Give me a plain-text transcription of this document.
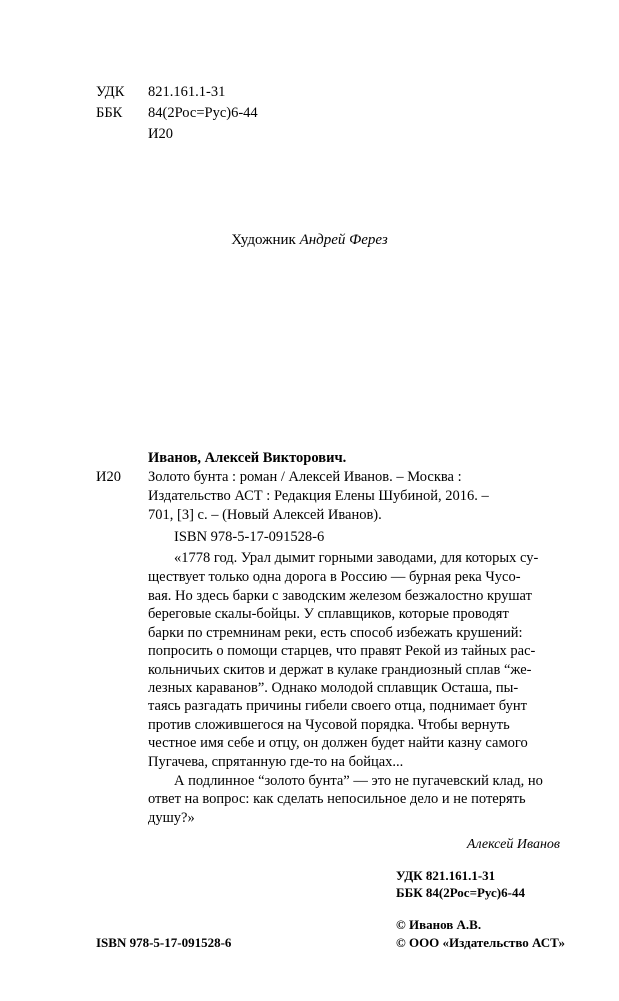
УДК 821.161.1-31
ББК 84(2Рос=Рус)6-44
И20
Художник Андрей Ферез
Иванов, Алексей Викторович.
И20 Золото бунта : роман / Алексей Иванов. – Москва :
Издательство АСТ : Редакция Елены Шубиной, 2016. –
701, [3] с. – (Новый Алексей Иванов).
ISBN 978-5-17-091528-6
«1778 год. Урал дымит горными заводами, для которых су-
ществует только одна дорога в Россию — бурная река Чусо-
вая. Но здесь барки с заводским железом безжалостно крушат
береговые скалы-бойцы. У сплавщиков, которые проводят
барки по стремнинам реки, есть способ избежать крушений:
попросить о помощи старцев, что правят Рекой из тайных рас-
кольничьих скитов и держат в кулаке грандиозный сплав “же-
лезных караванов”. Однако молодой сплавщик Осташа, пы-
таясь разгадать причины гибели своего отца, поднимает бунт
против сложившегося на Чусовой порядка. Чтобы вернуть
честное имя себе и отцу, он должен будет найти казну самого
Пугачева, спрятанную где-то на бойцах...
А подлинное “золото бунта” — это не пугачевский клад, но
ответ на вопрос: как сделать непосильное дело и не потерять
душу?»
Алексей Иванов
УДК 821.161.1-31
ББК 84(2Рос=Рус)6-44
© Иванов А.В.
ISBN 978-5-17-091528-6	© ООО «Издательство АСТ»
